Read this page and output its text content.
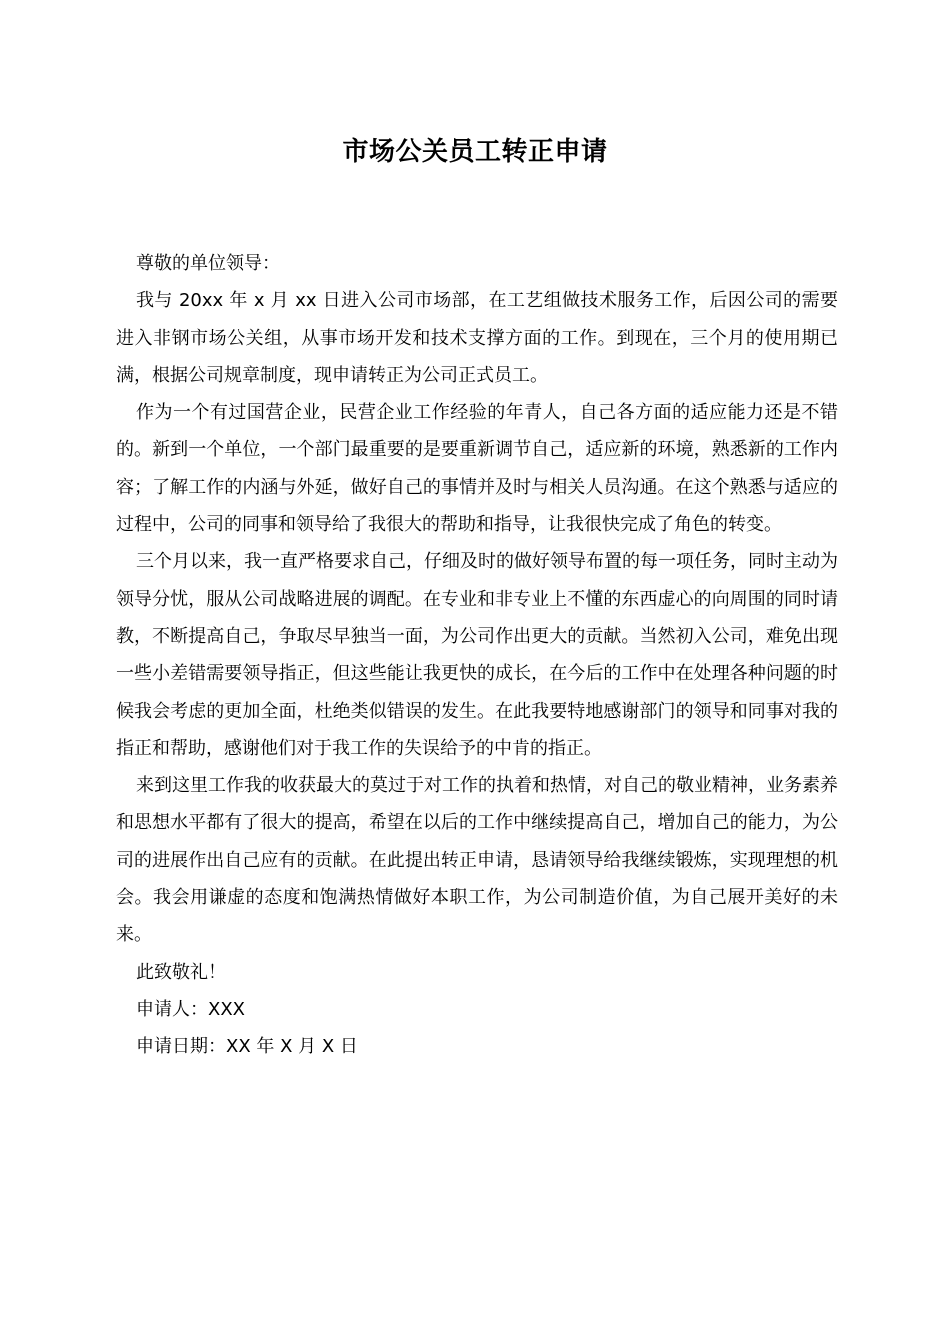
市场公关员工转正申请

尊敬的单位领导：

我与 20xx 年 x 月 xx 日进入公司市场部，在工艺组做技术服务工作，后因公司的需要进入非钢市场公关组，从事市场开发和技术支撑方面的工作。到现在，三个月的使用期已满，根据公司规章制度，现申请转正为公司正式员工。

作为一个有过国营企业，民营企业工作经验的年青人，自己各方面的适应能力还是不错的。新到一个单位，一个部门最重要的是要重新调节自己，适应新的环境，熟悉新的工作内容；了解工作的内涵与外延，做好自己的事情并及时与相关人员沟通。在这个熟悉与适应的过程中，公司的同事和领导给了我很大的帮助和指导，让我很快完成了角色的转变。

三个月以来，我一直严格要求自己，仔细及时的做好领导布置的每一项任务，同时主动为领导分忧，服从公司战略进展的调配。在专业和非专业上不懂的东西虚心的向周围的同时请教，不断提高自己，争取尽早独当一面，为公司作出更大的贡献。当然初入公司，难免出现一些小差错需要领导指正，但这些能让我更快的成长，在今后的工作中在处理各种问题的时候我会考虑的更加全面，杜绝类似错误的发生。在此我要特地感谢部门的领导和同事对我的指正和帮助，感谢他们对于我工作的失误给予的中肯的指正。

来到这里工作我的收获最大的莫过于对工作的执着和热情，对自己的敬业精神，业务素养和思想水平都有了很大的提高，希望在以后的工作中继续提高自己，增加自己的能力，为公司的进展作出自己应有的贡献。在此提出转正申请，恳请领导给我继续锻炼，实现理想的机会。我会用谦虚的态度和饱满热情做好本职工作，为公司制造价值，为自己展开美好的未来。

此致敬礼！

申请人：XXX

申请日期：XX 年 X 月 X 日
